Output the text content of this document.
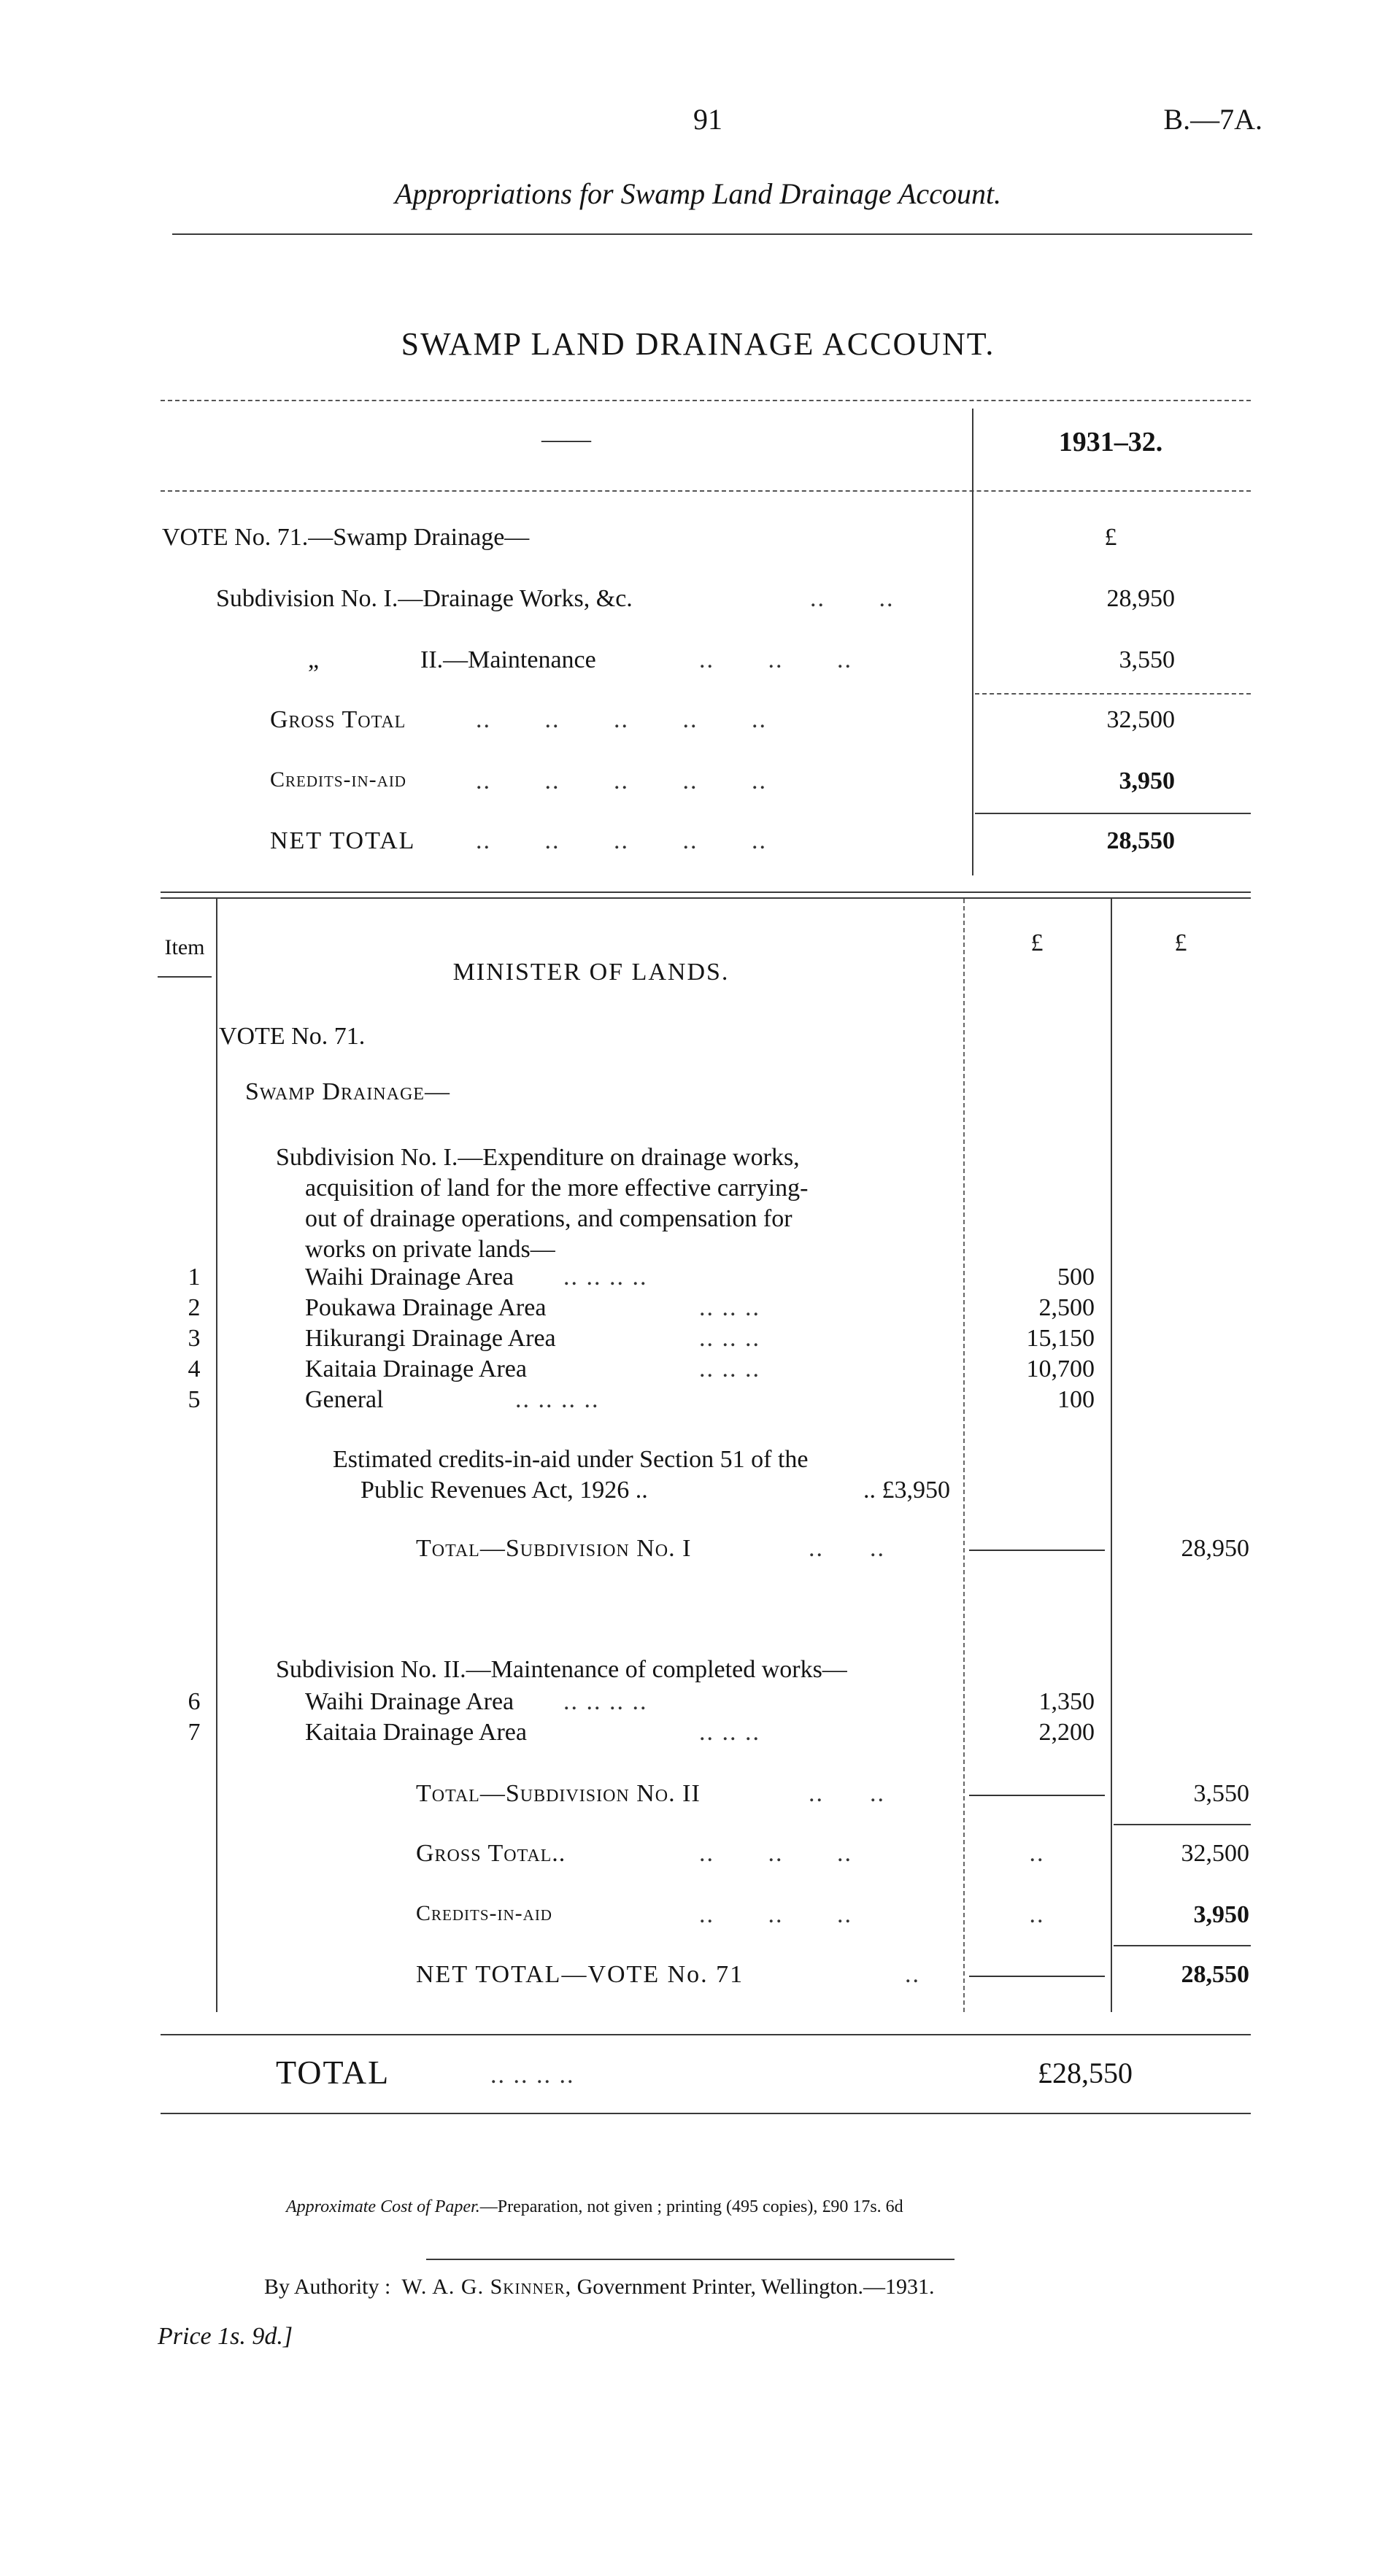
91	B.—7A.
Appropriations for Swamp Land Drainage Account.
SWAMP LAND DRAINAGE ACCOUNT.
——	1931–32.
VOTE No. 71.—Swamp Drainage—	£
Subdivision No. I.—Drainage Works, &c.	..       ..	28,950
„	II.—Maintenance	..       ..       ..	3,550
Gross Total	..       ..       ..       ..       ..	32,500
Credits-in-aid	..       ..       ..       ..       ..	3,950
NET TOTAL ..       ..       ..       ..       ..	28,550
Item	£	£
MINISTER OF LANDS.
VOTE No. 71.
Swamp Drainage—
Subdivision No. I.—Expenditure on drainage works,
acquisition of land for the more effective carrying-
out of drainage operations, and compensation for
works on private lands—
1	Waihi Drainage Area .. .. .. ..	500
2	Poukawa Drainage Area	.. .. ..	2,500
3	Hikurangi Drainage Area	.. .. ..	15,150
4	Kaitaia Drainage Area	.. .. ..	10,700
5	General	.. .. .. ..	100
Estimated credits-in-aid under Section 51 of the
Public Revenues Act, 1926 ..	.. £3,950
Total—Subdivision No. I	..      ..	28,950
Subdivision No. II.—Maintenance of completed works—
6	Waihi Drainage Area .. .. .. ..	1,350
7	Kaitaia Drainage Area	.. .. ..	2,200
Total—Subdivision No. II	..      ..	3,550
Gross Total..	..       ..       ..	..	32,500
Credits-in-aid	..       ..       ..	..	3,950
NET TOTAL—VOTE No. 71	..	28,550
TOTAL	.. .. .. ..	£28,550
Approximate Cost of Paper.—Preparation, not given ; printing (495 copies), £90 17s. 6d
By Authority : W. A. G. Skinner, Government Printer, Wellington.—1931.
Price 1s. 9d.]
